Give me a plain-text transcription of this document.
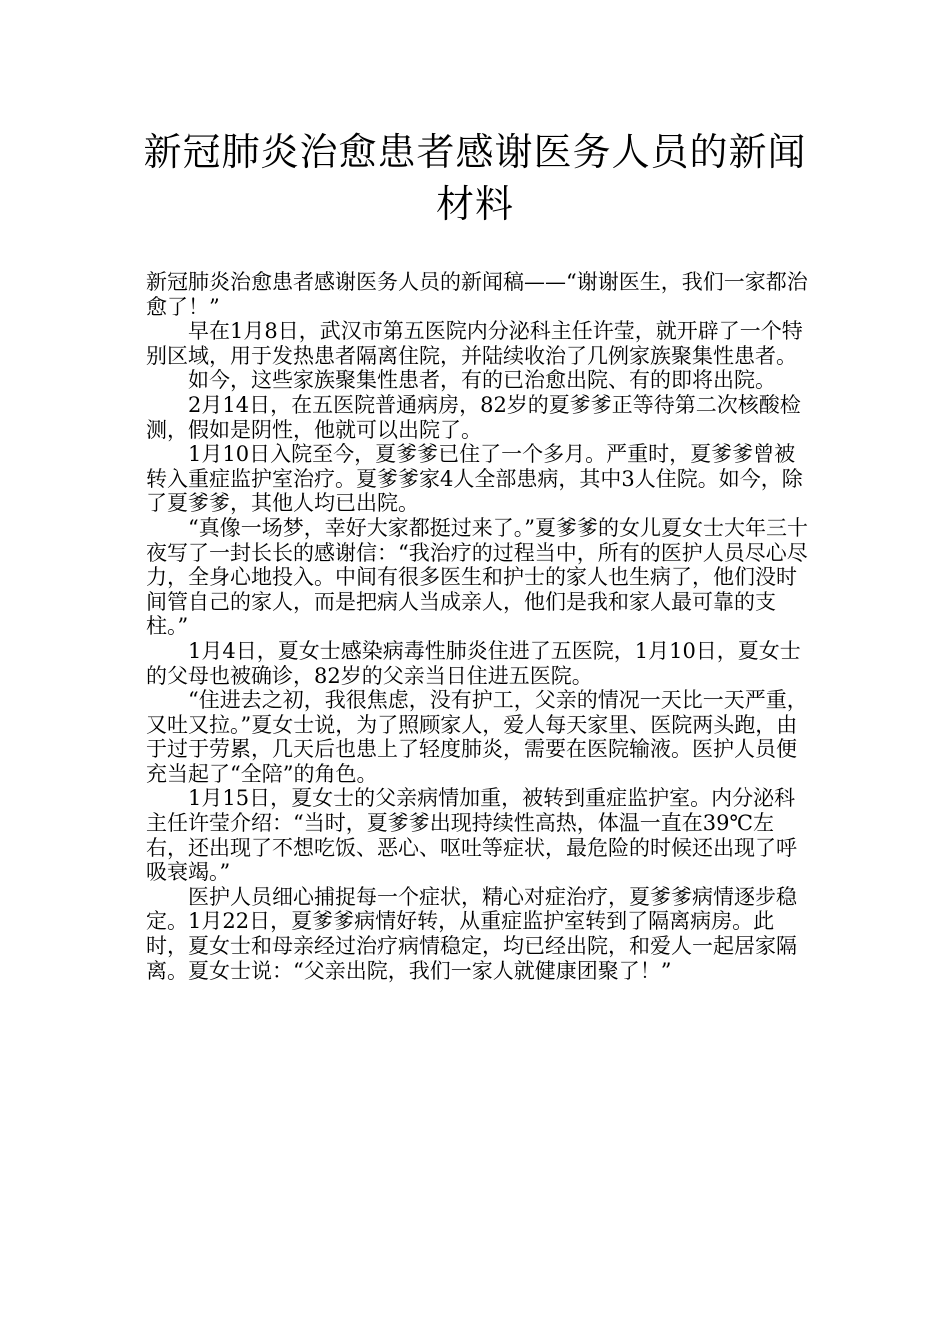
新冠肺炎治愈患者感谢医务人员的新闻
材料

新冠肺炎治愈患者感谢医务人员的新闻稿——“谢谢医生，我们一家都治愈了！”

早在1月8日，武汉市第五医院内分泌科主任许莹，就开辟了一个特别区域，用于发热患者隔离住院，并陆续收治了几例家族聚集性患者。

如今，这些家族聚集性患者，有的已治愈出院、有的即将出院。

2月14日，在五医院普通病房，82岁的夏爹爹正等待第二次核酸检测，假如是阴性，他就可以出院了。

1月10日入院至今，夏爹爹已住了一个多月。严重时，夏爹爹曾被转入重症监护室治疗。夏爹爹家4人全部患病，其中3人住院。如今，除了夏爹爹，其他人均已出院。

“真像一场梦，幸好大家都挺过来了。”夏爹爹的女儿夏女士大年三十夜写了一封长长的感谢信：“我治疗的过程当中，所有的医护人员尽心尽力，全身心地投入。中间有很多医生和护士的家人也生病了，他们没时间管自己的家人，而是把病人当成亲人，他们是我和家人最可靠的支柱。”

1月4日，夏女士感染病毒性肺炎住进了五医院，1月10日，夏女士的父母也被确诊，82岁的父亲当日住进五医院。

“住进去之初，我很焦虑，没有护工，父亲的情况一天比一天严重，又吐又拉。”夏女士说，为了照顾家人，爱人每天家里、医院两头跑，由于过于劳累，几天后也患上了轻度肺炎，需要在医院输液。医护人员便充当起了“全陪”的角色。

1月15日，夏女士的父亲病情加重，被转到重症监护室。内分泌科主任许莹介绍：“当时，夏爹爹出现持续性高热，体温一直在39℃左右，还出现了不想吃饭、恶心、呕吐等症状，最危险的时候还出现了呼吸衰竭。”

医护人员细心捕捉每一个症状，精心对症治疗，夏爹爹病情逐步稳定。1月22日，夏爹爹病情好转，从重症监护室转到了隔离病房。此时，夏女士和母亲经过治疗病情稳定，均已经出院，和爱人一起居家隔离。夏女士说：“父亲出院，我们一家人就健康团聚了！”
